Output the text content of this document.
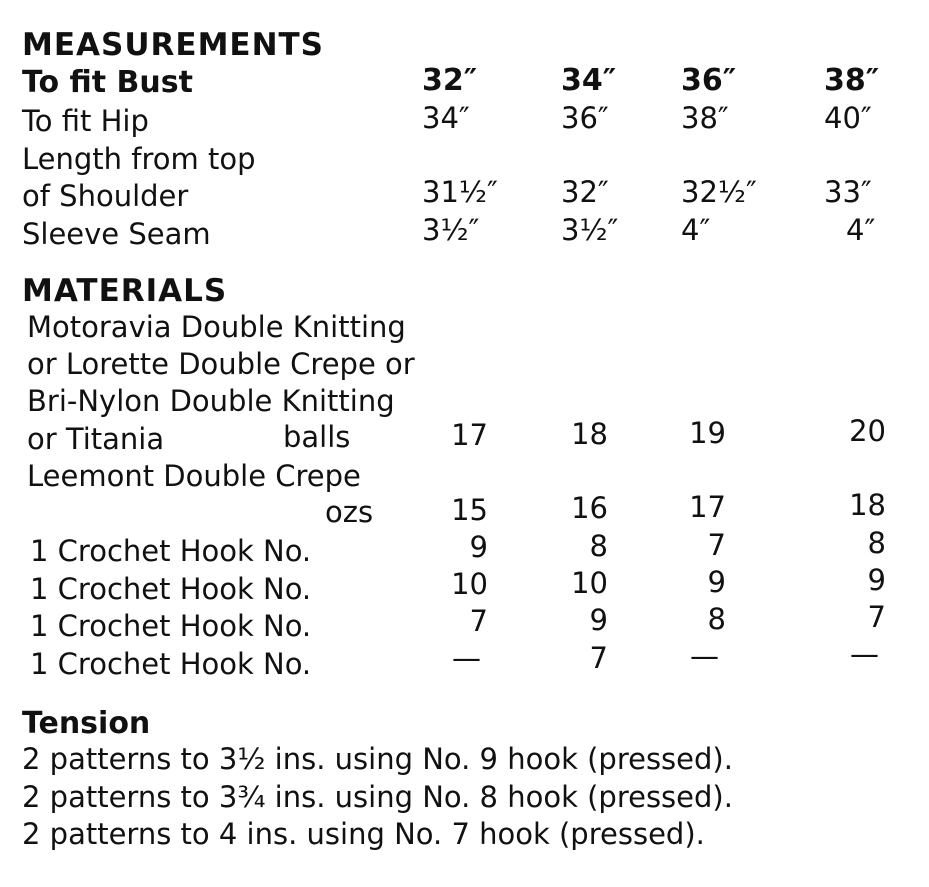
MEASUREMENTS
To fit Bust	32″	34″ 36″	38″
To fit Hip	34″	36″ 38″	40″
Length from top
of Shoulder	31½″ 32″ 32½″ 33″
Sleeve Seam	3½″	3½″ 4″	4″
MATERIALS
Motoravia Double Knitting
or Lorette Double Crepe or
Bri-Nylon Double Knitting
or Titania	balls	17	18	19	20
Leemont Double Crepe
ozs	15	16	17	18
1 Crochet Hook No.	9	8	7	8
1 Crochet Hook No.	10	10	9	9
1 Crochet Hook No.	7	9	8	7
1 Crochet Hook No.	—	7	—	—
Tension
2 patterns to 3½ ins. using No. 9 hook (pressed).
2 patterns to 3¾ ins. using No. 8 hook (pressed).
2 patterns to 4 ins. using No. 7 hook (pressed).
